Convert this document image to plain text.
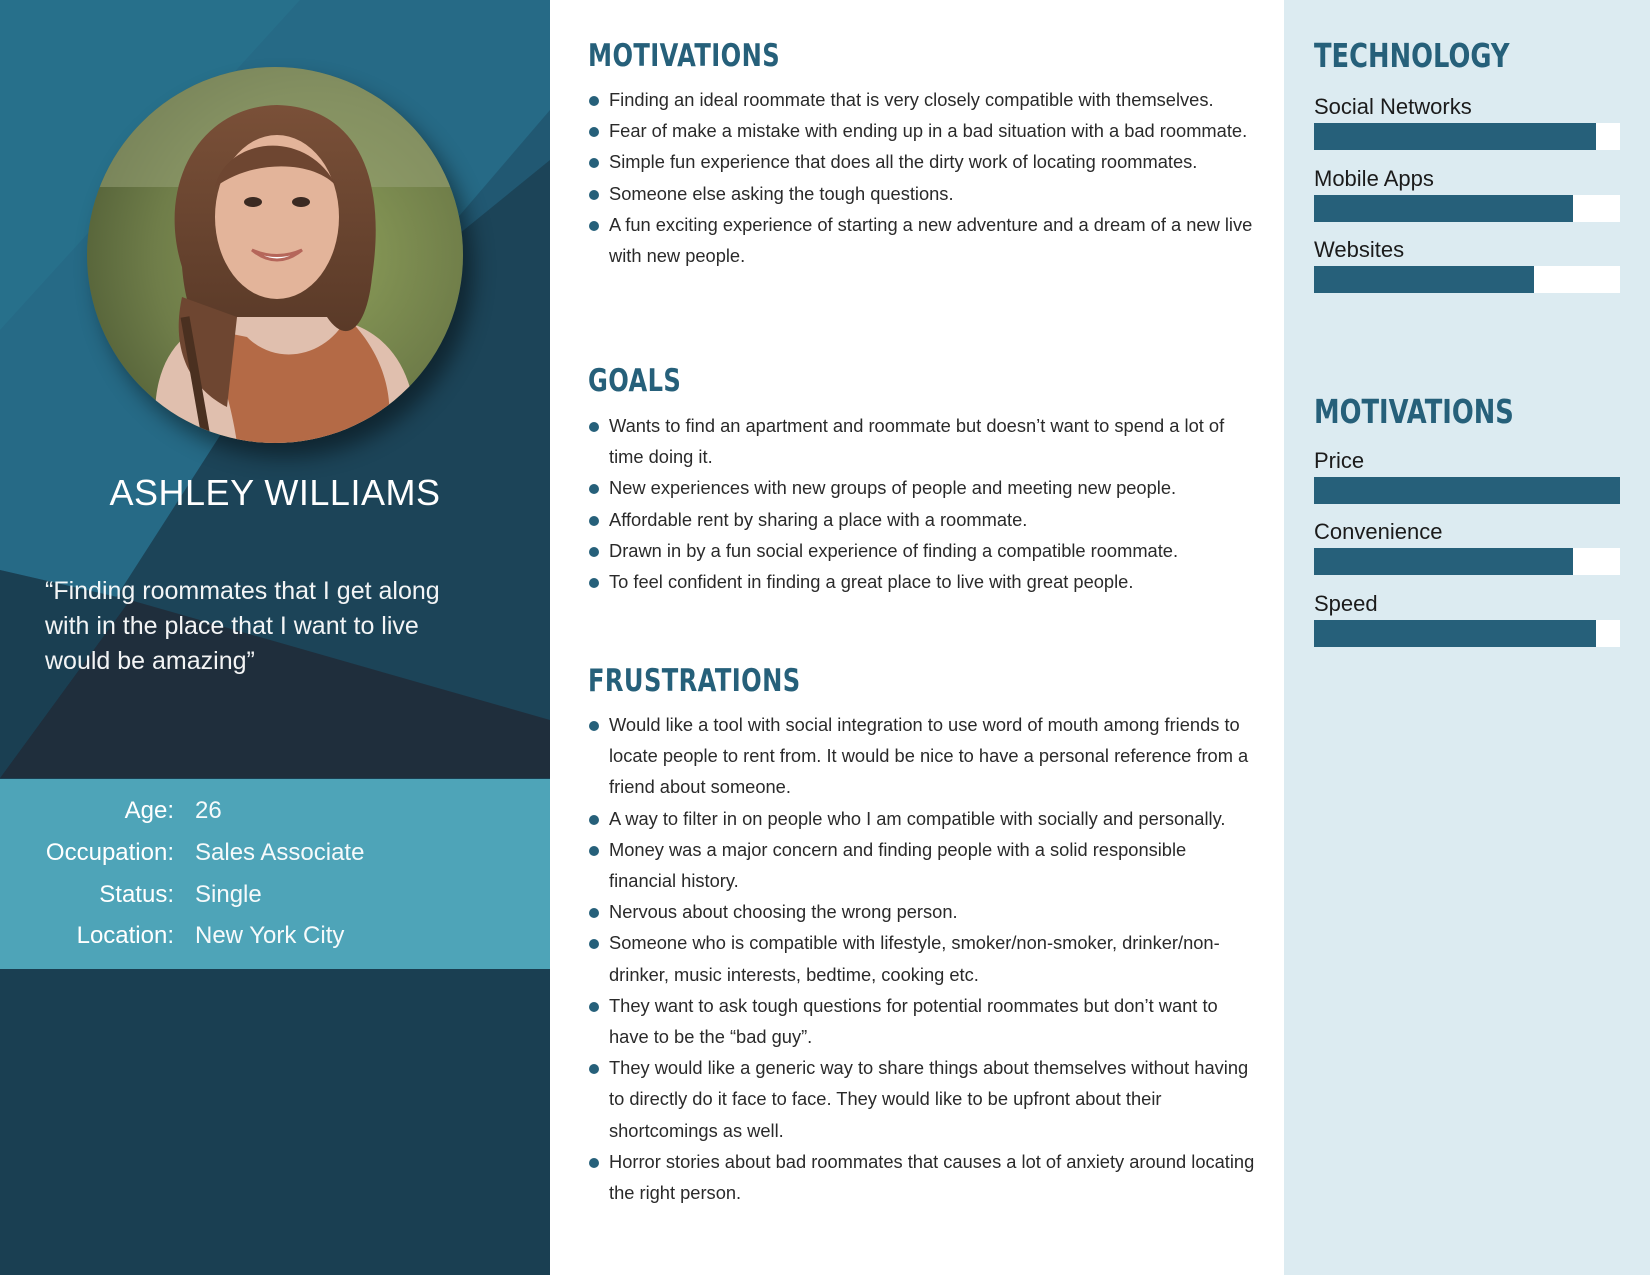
ASHLEY WILLIAMS
“Finding roommates that I get along with in the place that I want to live would be amazing”
Age: 26
Occupation: Sales Associate
Status: Single
Location: New York City
MOTIVATIONS
Finding an ideal roommate that is very closely compatible with themselves.
Fear of make a mistake with ending up in a bad situation with a bad roommate.
Simple fun experience that does all the dirty work of locating roommates.
Someone else asking the tough questions.
A fun exciting experience of starting a new adventure and a dream of a new live with new people.
GOALS
Wants to find an apartment and roommate but doesn’t want to spend a lot of time doing it.
New experiences with new groups of people and meeting new people.
Affordable rent by sharing a place with a roommate.
Drawn in by a fun social experience of finding a compatible roommate.
To feel confident in finding a great place to live with great people.
FRUSTRATIONS
Would like a tool with social integration to use word of mouth among friends to locate people to rent from. It would be nice to have a personal reference from a friend about someone.
A way to filter in on people who I am compatible with socially and personally.
Money was a major concern and finding people with a solid responsible financial history.
Nervous about choosing the wrong person.
Someone who is compatible with lifestyle, smoker/non-smoker, drinker/non-drinker, music interests, bedtime, cooking etc.
They want to ask tough questions for potential roommates but don’t want to have to be the “bad guy”.
They would like a generic way to share things about themselves without having to directly do it face to face. They would like to be upfront about their shortcomings as well.
Horror stories about bad roommates that causes a lot of anxiety around locating the right person.
TECHNOLOGY
Social Networks
Mobile Apps
Websites
MOTIVATIONS
Price
Convenience
Speed
